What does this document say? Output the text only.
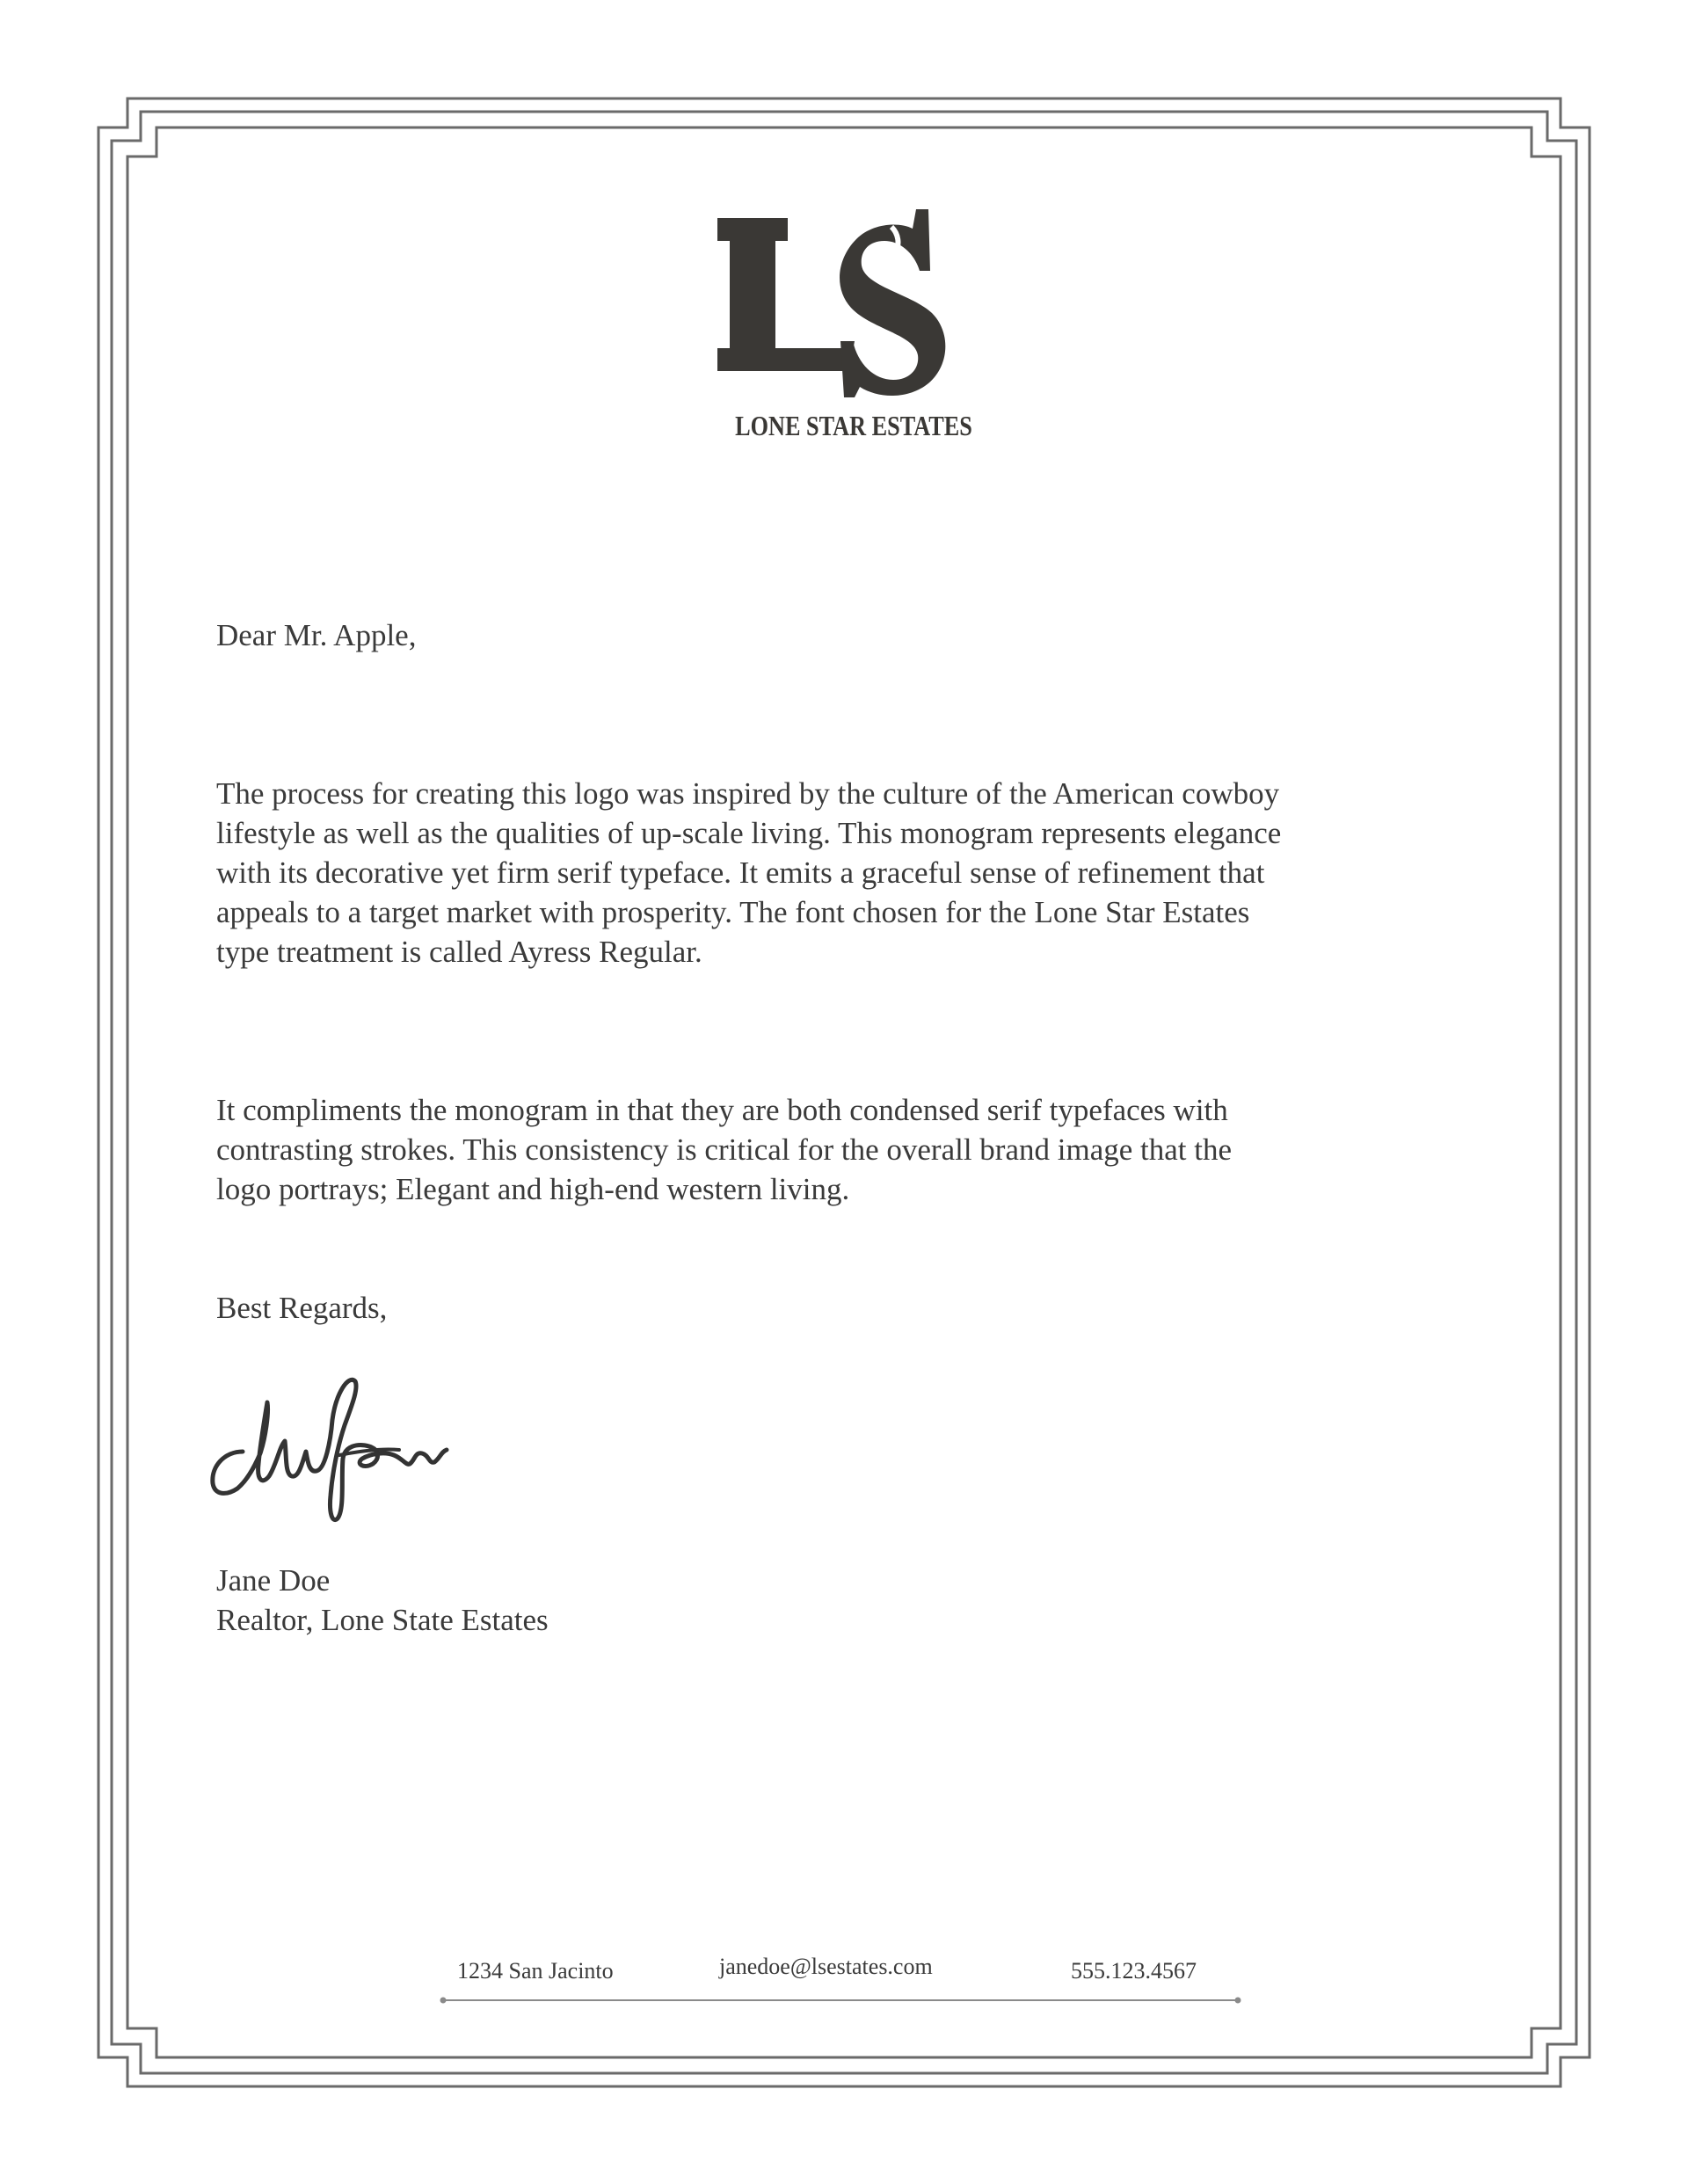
LONE STAR ESTATES
Dear Mr. Apple,
The process for creating this logo was inspired by the culture of the American cowboy
lifestyle as well as the qualities of up-scale living. This monogram represents elegance
with its decorative yet firm serif typeface. It emits a graceful sense of refinement that
appeals to a target market with prosperity. The font chosen for the Lone Star Estates
type treatment is called Ayress Regular.
It compliments the monogram in that they are both condensed serif typefaces with
contrasting strokes. This consistency is critical for the overall brand image that the
logo portrays; Elegant and high-end western living.
Best Regards,
Jane Doe
Realtor, Lone State Estates
1234 San Jacinto	janedoe@lsestates.com	555.123.4567
